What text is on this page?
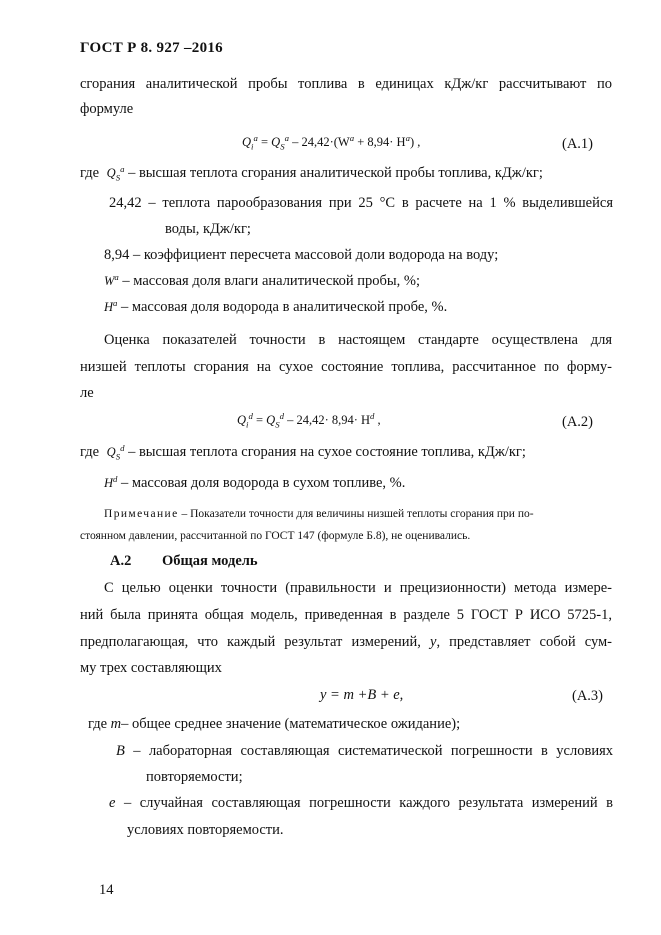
ГОСТ Р 8. 927 –2016
сгорания аналитической пробы топлива в единицах кДж/кг рассчитывают по
формуле
$Q_i^a = Q_S^a - 24,42\cdot(W^a + 8,94\cdot H^a)$ ,	(А.1)
где $Q_S^a$ – высшая теплота сгорания аналитической пробы топлива, кДж/кг;
24,42 – теплота парообразования при 25 °С в расчете на 1 % выделившейся
воды, кДж/кг;
8,94 – коэффициент пересчета массовой доли водорода на воду;
$W^a$ – массовая доля влаги аналитической пробы, %;
$H^a$ – массовая доля водорода в аналитической пробе, %.
Оценка показателей точности в настоящем стандарте осуществлена для
низшей теплоты сгорания на сухое состояние топлива, рассчитанное по форму-
ле
$Q_i^d = Q_S^d - 24,42\cdot 8,94\cdot H^d$ ,	(А.2)
где $Q_S^d$ – высшая теплота сгорания на сухое состояние топлива, кДж/кг;
$H^d$ – массовая доля водорода в сухом топливе, %.
Примечание – Показатели точности для величины низшей теплоты сгорания при по-
стоянном давлении, рассчитанной по ГОСТ 147 (формуле Б.8), не оценивались.
А.2 Общая модель
С целью оценки точности (правильности и прецизионности) метода измере-
ний была принята общая модель, приведенная в разделе 5 ГОСТ Р ИСО 5725-1,
предполагающая, что каждый результат измерений, y, представляет собой сум-
му трех составляющих
y = m +B + e,	(А.3)
где m– общее среднее значение (математическое ожидание);
B – лабораторная составляющая систематической погрешности в условиях
повторяемости;
e – случайная составляющая погрешности каждого результата измерений в
условиях повторяемости.
14
